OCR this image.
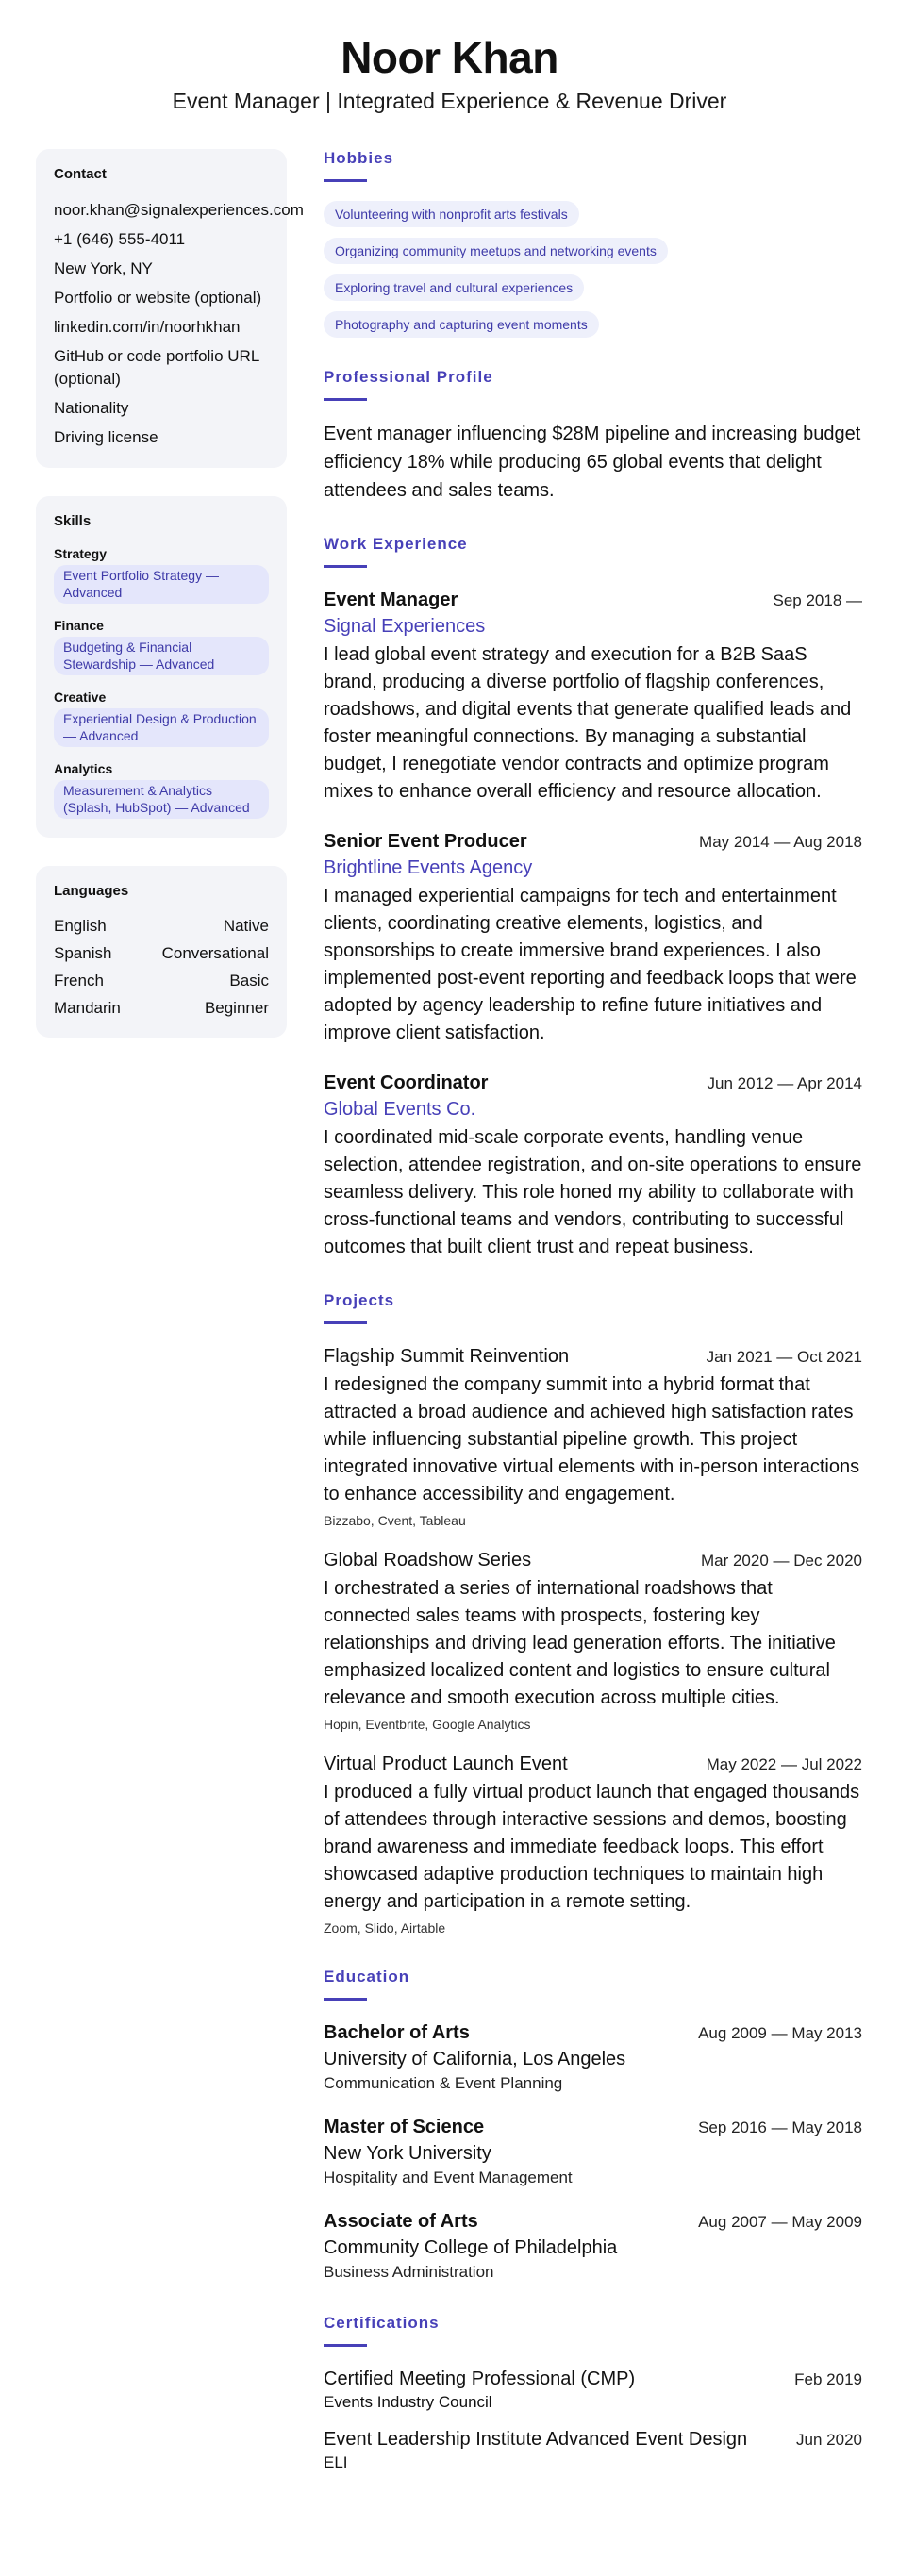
Noor Khan
Event Manager | Integrated Experience & Revenue Driver
Contact
noor.khan@signalexperiences.com
+1 (646) 555-4011
New York, NY
Portfolio or website (optional)
linkedin.com/in/noorhkhan
GitHub or code portfolio URL (optional)
Nationality
Driving license
Skills
Strategy
Event Portfolio Strategy — Advanced
Finance
Budgeting & Financial Stewardship — Advanced
Creative
Experiential Design & Production — Advanced
Analytics
Measurement & Analytics (Splash, HubSpot) — Advanced
Languages
English	Native
Spanish	Conversational
French	Basic
Mandarin	Beginner
Hobbies
Volunteering with nonprofit arts festivals
Organizing community meetups and networking events
Exploring travel and cultural experiences
Photography and capturing event moments
Professional Profile
Event manager influencing $28M pipeline and increasing budget efficiency 18% while producing 65 global events that delight attendees and sales teams.
Work Experience
Event Manager	Sep 2018 —
Signal Experiences
I lead global event strategy and execution for a B2B SaaS brand, producing a diverse portfolio of flagship conferences, roadshows, and digital events that generate qualified leads and foster meaningful connections. By managing a substantial budget, I renegotiate vendor contracts and optimize program mixes to enhance overall efficiency and resource allocation.
Senior Event Producer	May 2014 — Aug 2018
Brightline Events Agency
I managed experiential campaigns for tech and entertainment clients, coordinating creative elements, logistics, and sponsorships to create immersive brand experiences. I also implemented post-event reporting and feedback loops that were adopted by agency leadership to refine future initiatives and improve client satisfaction.
Event Coordinator	Jun 2012 — Apr 2014
Global Events Co.
I coordinated mid-scale corporate events, handling venue selection, attendee registration, and on-site operations to ensure seamless delivery. This role honed my ability to collaborate with cross-functional teams and vendors, contributing to successful outcomes that built client trust and repeat business.
Projects
Flagship Summit Reinvention	Jan 2021 — Oct 2021
I redesigned the company summit into a hybrid format that attracted a broad audience and achieved high satisfaction rates while influencing substantial pipeline growth. This project integrated innovative virtual elements with in-person interactions to enhance accessibility and engagement.
Bizzabo, Cvent, Tableau
Global Roadshow Series	Mar 2020 — Dec 2020
I orchestrated a series of international roadshows that connected sales teams with prospects, fostering key relationships and driving lead generation efforts. The initiative emphasized localized content and logistics to ensure cultural relevance and smooth execution across multiple cities.
Hopin, Eventbrite, Google Analytics
Virtual Product Launch Event	May 2022 — Jul 2022
I produced a fully virtual product launch that engaged thousands of attendees through interactive sessions and demos, boosting brand awareness and immediate feedback loops. This effort showcased adaptive production techniques to maintain high energy and participation in a remote setting.
Zoom, Slido, Airtable
Education
Bachelor of Arts	Aug 2009 — May 2013
University of California, Los Angeles
Communication & Event Planning
Master of Science	Sep 2016 — May 2018
New York University
Hospitality and Event Management
Associate of Arts	Aug 2007 — May 2009
Community College of Philadelphia
Business Administration
Certifications
Certified Meeting Professional (CMP)	Feb 2019
Events Industry Council
Event Leadership Institute Advanced Event Design	Jun 2020
ELI
